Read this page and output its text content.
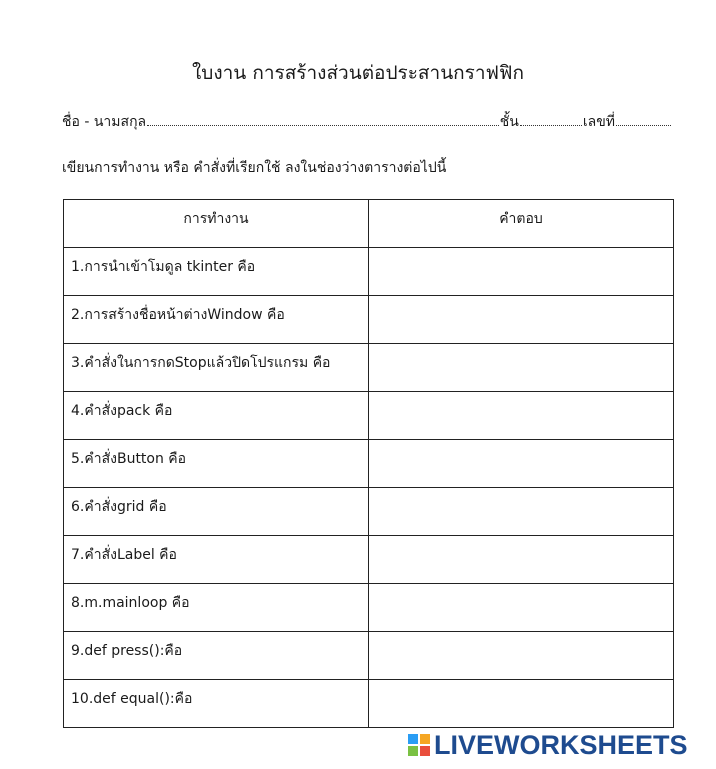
ใบงาน การสร้างส่วนต่อประสานกราฟฟิก
ชื่อ - นามสกุล	ชั้น	เลขที่
เขียนการทำงาน หรือ คำสั่งที่เรียกใช้ ลงในช่องว่างตารางต่อไปนี้
การทำงาน	คำตอบ

1.การนำเข้าโมดูล tkinter คือ	

2.การสร้างชื่อหน้าต่างWindow คือ	

3.คำสั่งในการกดStopแล้วปิดโปรแกรม คือ	

4.คำสั่งpack คือ	

5.คำสั่งButton คือ	

6.คำสั่งgrid คือ	

7.คำสั่งLabel คือ	

8.m.mainloop คือ	

9.def press():คือ	

10.def equal():คือ	

LIVEWORKSHEETS
